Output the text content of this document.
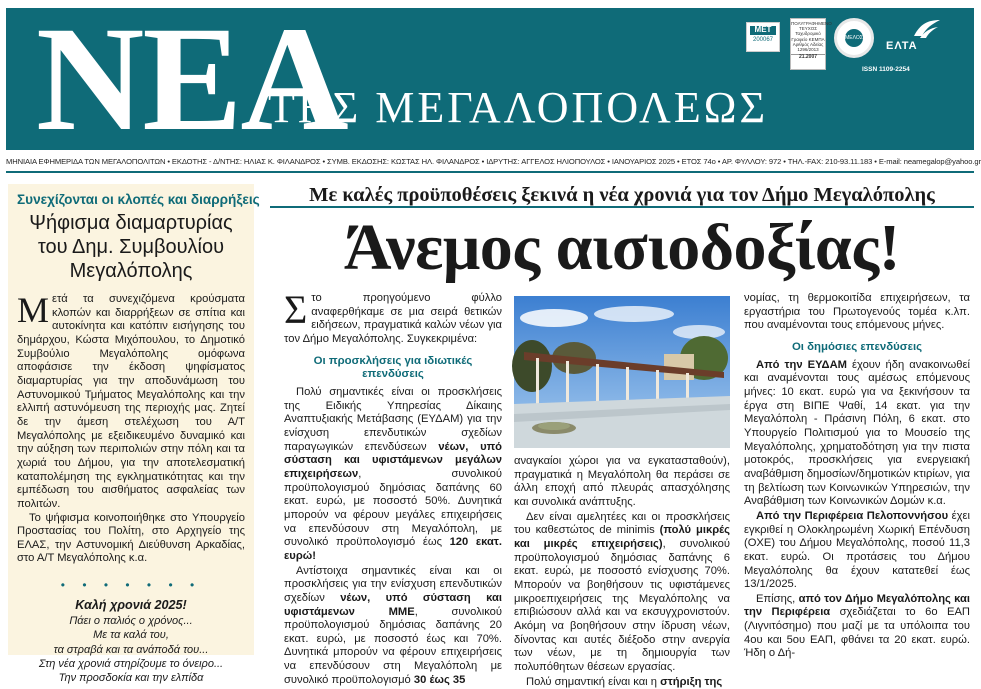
ΝΕΑ
ΤΗΣ ΜΕΓΑΛΟΠΟΛΕΩΣ
ΜΕΤ
200067
ΠΟΛΥΓΡΑΦΗΜΕΝΟ ΤΕΥΧΟΣ Ταχυδρομικό Γραφείο ΚΕΜΠΑ Αριθμός Αδείας 1296/2013
21.2007
ΜΕΛΟΣ
ΕΛΤΑ
ISSN 1109-2254
ΜΗΝΙΑΙΑ ΕΦΗΜΕΡΙΔΑ ΤΩΝ ΜΕΓΑΛΟΠΟΛΙΤΩΝ • ΕΚΔΟΤΗΣ - Δ/ΝΤΗΣ: ΗΛΙΑΣ Κ. ΦΙΛΑΝΔΡΟΣ • ΣΥΜΒ. ΕΚΔΟΣΗΣ: ΚΩΣΤΑΣ ΗΛ. ΦΙΛΑΝΔΡΟΣ • ΙΔΡΥΤΗΣ: ΑΓΓΕΛΟΣ ΗΛΙΟΠΟΥΛΟΣ • ΙΑΝΟΥΑΡΙΟΣ 2025 • ΕΤΟΣ 74ο • ΑΡ. ΦΥΛΛΟΥ: 972 • ΤΗΛ.-FAX: 210-93.11.183 • E-mail: neamegalop@yahoo.gr
Συνεχίζονται οι κλοπές και διαρρήξεις
Ψήφισμα διαμαρτυρίας του Δημ. Συμβουλίου Μεγαλόπολης

Μετά τα συνεχιζόμενα κρούσματα κλοπών και διαρρήξεων σε σπίτια και αυτοκίνητα και κατόπιν εισήγησης του δημάρχου, Κώστα Μιχόπουλου, το Δημοτικό Συμβούλιο Μεγαλόπολης ομόφωνα αποφάσισε την έκδοση ψηφίσματος διαμαρτυρίας για την αποδυνάμωση του Αστυνομικού Τμήματος Μεγαλόπολης και την ελλιπή αστυνόμευση της περιοχής μας. Ζητεί δε την άμεση στελέχωση του Α/Τ Μεγαλόπολης με εξειδικευμένο δυναμικό και την αύξηση των περιπολιών στην πόλη και τα χωριά του Δήμου, για την αποτελεσματική καταπολέμηση της εγκληματικότητας και την εμπέδωση του αισθήματος ασφαλείας των πολιτών.

Το ψήφισμα κοινοποιήθηκε στο Υπουργείο Προστασίας του Πολίτη, στο Αρχηγείο της ΕΛΑΣ, την Αστυνομική Διεύθυνση Αρκαδίας, στο Α/Τ Μεγαλόπολης κ.α.

• • • • • • •
Καλή χρονιά 2025!
Πάει ο παλιός ο χρόνος...
Με τα καλά του,
τα στραβά και τα ανάποδά του...
Στη νέα χρονιά στηρίζουμε το όνειρο...
Την προσδοκία και την ελπίδα
Με καλές προϋποθέσεις ξεκινά η νέα χρονιά για τον Δήμο Μεγαλόπολης
Άνεμος αισιοδοξίας!

Στο προηγούμενο φύλλο αναφερθήκαμε σε μια σειρά θετικών ειδήσεων, πραγματικά καλών νέων για τον Δήμο Μεγαλόπολης. Συγκεκριμένα:

Οι προσκλήσεις για ιδιωτικές επενδύσεις

Πολύ σημαντικές είναι οι προσκλήσεις της Ειδικής Υπηρεσίας Δίκαιης Αναπτυξιακής Μετάβασης (ΕΥΔΑΜ) για την ενίσχυση επενδυτικών σχεδίων παραγωγικών επενδύσεων νέων, υπό σύσταση και υφιστάμενων μεγάλων επιχειρήσεων, συνολικού προϋπολογισμού δημόσιας δαπάνης 60 εκατ. ευρώ, με ποσοστό 50%. Δυνητικά μπορούν να φέρουν μεγάλες επιχειρήσεις να επενδύσουν στη Μεγαλόπολη, με συνολικό προϋπολογισμό έως 120 εκατ. ευρώ!

Αντίστοιχα σημαντικές είναι και οι προσκλήσεις για την ενίσχυση επενδυτικών σχεδίων νέων, υπό σύσταση και υφιστάμενων ΜΜΕ, συνολικού προϋπολογισμού δημόσιας δαπάνης 20 εκατ. ευρώ, με ποσοστό έως και 70%. Δυνητικά μπορούν να φέρουν επιχειρήσεις να επενδύσουν στη Μεγαλόπολη με συνολικό προϋπολογισμό 30 έως 35

αναγκαίοι χώροι για να εγκατασταθούν), πραγματικά η Μεγαλόπολη θα περάσει σε άλλη εποχή από πλευράς απασχόλησης και συνολικά ανάπτυξης.

Δεν είναι αμελητέες και οι προσκλήσεις του καθεστώτος de minimis (πολύ μικρές και μικρές επιχειρήσεις), συνολικού προϋπολογισμού δημόσιας δαπάνης 6 εκατ. ευρώ, με ποσοστό ενίσχυσης 70%. Μπορούν να βοηθήσουν τις υφιστάμενες μικροεπιχειρήσεις της Μεγαλόπολης να επιβιώσουν αλλά και να εκσυγχρονιστούν. Ακόμη να βοηθήσουν στην ίδρυση νέων, δίνοντας και αυτές διέξοδο στην ανεργία των νέων, με τη δημιουργία των πολυπόθητων θέσεων εργασίας.

Πολύ σημαντική είναι και η στήριξη της

νομίας, τη θερμοκοιτίδα επιχειρήσεων, τα εργαστήρια του Πρωτογενούς τομέα κ.λπ. που αναμένονται τους επόμενους μήνες.

Οι δημόσιες επενδύσεις

Από την ΕΥΔΑΜ έχουν ήδη ανακοινωθεί και αναμένονται τους αμέσως επόμενους μήνες: 10 εκατ. ευρώ για να ξεκινήσουν τα έργα στη ΒΙΠΕ Ψαθί, 14 εκατ. για την Μεγαλόπολη - Πράσινη Πόλη, 6 εκατ. στο Υπουργείο Πολιτισμού για το Μουσείο της Μεγαλόπολης, χρηματοδότηση για την πιστα μοτοκρός, προσκλήσεις για ενεργειακή αναβάθμιση δημοσίων/δημοτικών κτιρίων, για τη βελτίωση των Κοινωνικών Υπηρεσιών, την Αναβάθμιση των Κοινωνικών Δομών κ.α.

Από την Περιφέρεια Πελοποννήσου έχει εγκριθεί η Ολοκληρωμένη Χωρική Επένδυση (ΟΧΕ) του Δήμου Μεγαλόπολης, ποσού 11,3 εκατ. ευρώ. Οι προτάσεις του Δήμου Μεγαλόπολης θα έχουν κατατεθεί έως 13/1/2025.

Επίσης, από τον Δήμο Μεγαλόπολης και την Περιφέρεια σχεδιάζεται το 6ο ΕΑΠ (Λιγνιτόσημο) που μαζί με τα υπόλοιπα του 4ου και 5ου ΕΑΠ, φθάνει τα 20 εκατ. ευρώ. Ήδη ο Δή-
